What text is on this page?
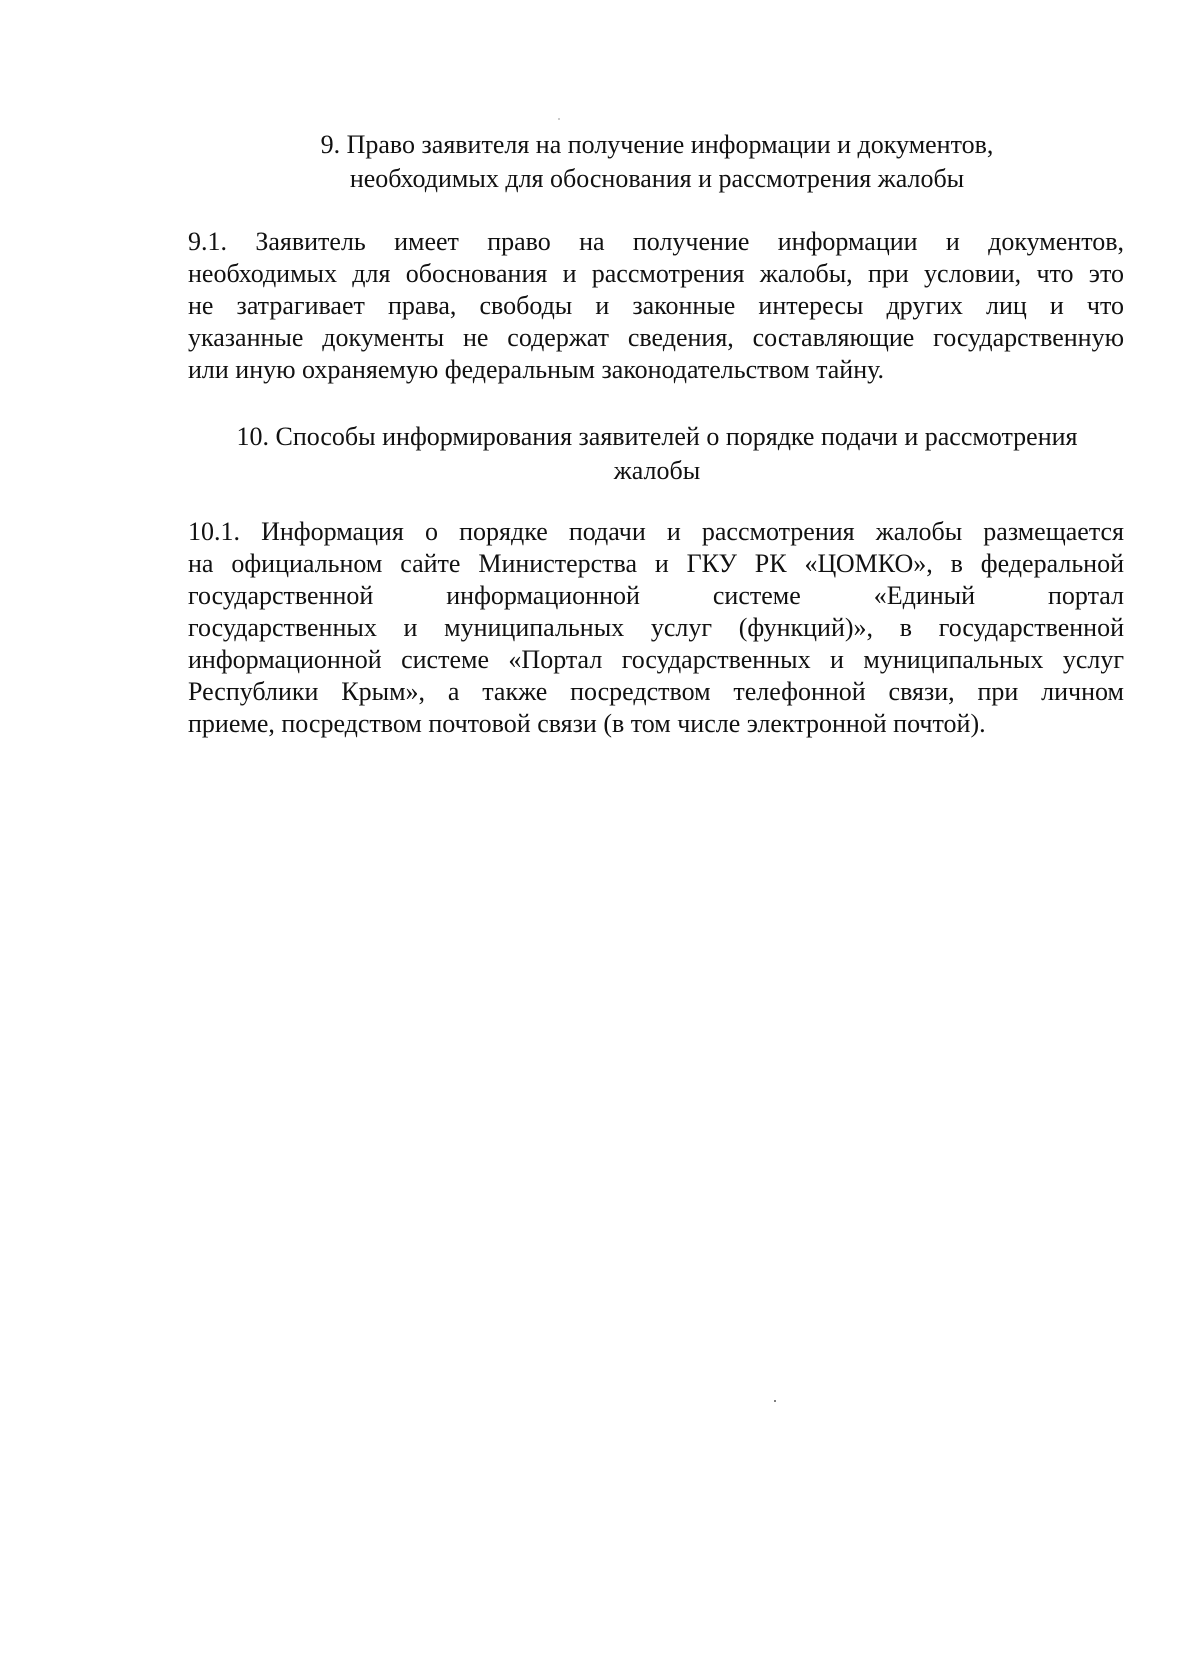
9. Право заявителя на получение информации и документов,
необходимых для обоснования и рассмотрения жалобы
9.1. Заявитель имеет право на получение информации и документов,
необходимых для обоснования и рассмотрения жалобы, при условии, что это
не затрагивает права, свободы и законные интересы других лиц и что
указанные документы не содержат сведения, составляющие государственную
или иную охраняемую федеральным законодательством тайну.
10. Способы информирования заявителей о порядке подачи и рассмотрения
жалобы
10.1. Информация о порядке подачи и рассмотрения жалобы размещается
на официальном сайте Министерства и ГКУ РК «ЦОМКО», в федеральной
государственной информационной системе «Единый портал
государственных и муниципальных услуг (функций)», в государственной
информационной системе «Портал государственных и муниципальных услуг
Республики Крым», а также посредством телефонной связи, при личном
приеме, посредством почтовой связи (в том числе электронной почтой).
